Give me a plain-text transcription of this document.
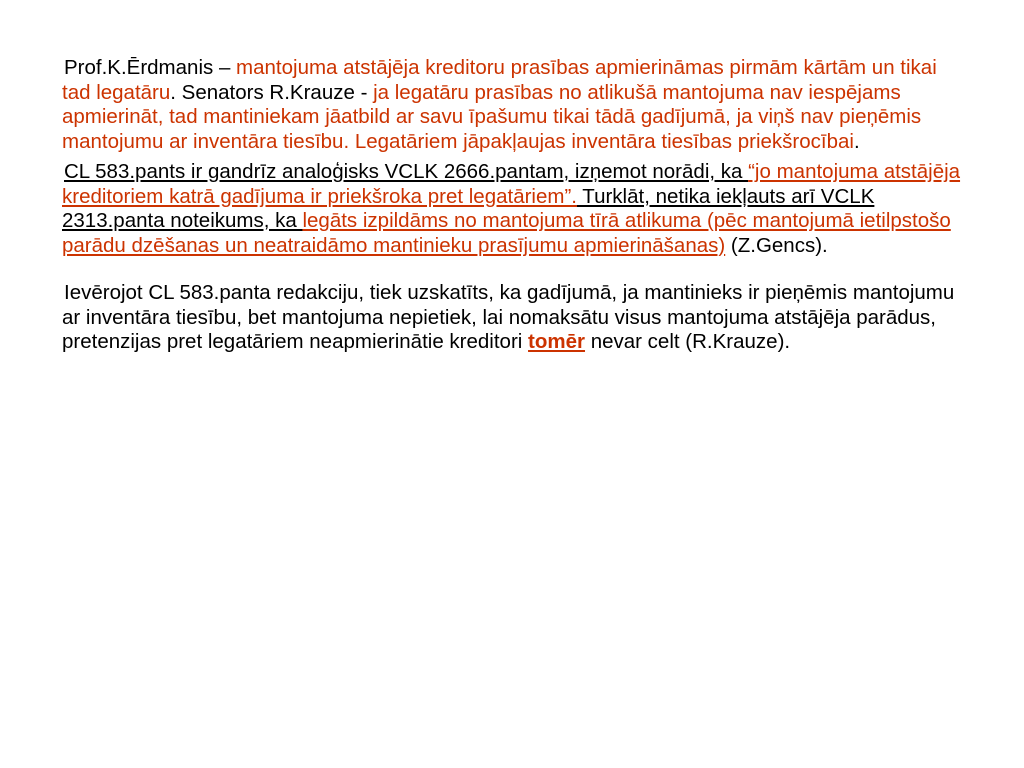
Prof.K.Ērdmanis – mantojuma atstājēja kreditoru prasības apmierināmas pirmām kārtām un tikai tad legatāru. Senators R.Krauze - ja legatāru prasības no atlikušā mantojuma nav iespējams apmierināt, tad mantiniekam jāatbild ar savu īpašumu tikai tādā gadījumā, ja viņš nav pieņēmis mantojumu ar inventāra tiesību. Legatāriem jāpakļaujas inventāra tiesības priekšrocībai.

CL 583.pants ir gandrīz analoģisks VCLK 2666.pantam, izņemot norādi, ka “jo mantojuma atstājēja kreditoriem katrā gadījuma ir priekšroka pret legatāriem”. Turklāt, netika iekļauts arī VCLK 2313.panta noteikums, ka legāts izpildāms no mantojuma tīrā atlikuma (pēc mantojumā ietilpstošo parādu dzēšanas un neatraidāmo mantinieku prasījumu apmierināšanas) (Z.Gencs).

Ievērojot CL 583.panta redakciju, tiek uzskatīts, ka gadījumā, ja mantinieks ir pieņēmis mantojumu ar inventāra tiesību, bet mantojuma nepietiek, lai nomaksātu visus mantojuma atstājēja parādus, pretenzijas pret legatāriem neapmierinātie kreditori tomēr nevar celt (R.Krauze).
